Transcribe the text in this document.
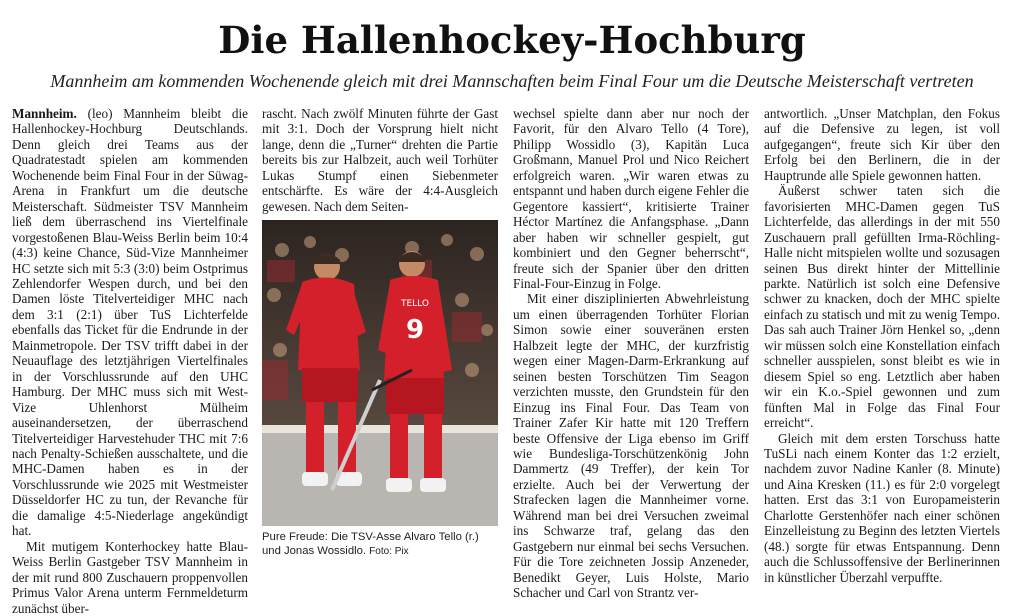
Die Hallenhockey-Hochburg

Mannheim am kommenden Wochenende gleich mit drei Mannschaften beim Final Four um die Deutsche Meisterschaft vertreten

Mannheim. (leo) Mannheim bleibt die Hallenhockey-Hochburg Deutschlands. Denn gleich drei Teams aus der Quadratestadt spielen am kommenden Wochenende beim Final Four in der Süwag-Arena in Frankfurt um die deutsche Meisterschaft. Südmeister TSV Mannheim ließ dem überraschend ins Viertelfinale vorgestoßenen Blau-Weiss Berlin beim 10:4 (4:3) keine Chance, Süd-Vize Mannheimer HC setzte sich mit 5:3 (3:0) beim Ostprimus Zehlendorfer Wespen durch, und bei den Damen löste Titelverteidiger MHC nach dem 3:1 (2:1) über TuS Lichterfelde ebenfalls das Ticket für die Endrunde in der Mainmetropole. Der TSV trifft dabei in der Neuauflage des letztjährigen Viertelfinales in der Vorschlussrunde auf den UHC Hamburg. Der MHC muss sich mit West-Vize Uhlenhorst Mülheim auseinandersetzen, der überraschend Titelverteidiger Harvestehuder THC mit 7:6 nach Penalty-Schießen ausschaltete, und die MHC-Damen haben es in der Vorschlussrunde wie 2025 mit Westmeister Düsseldorfer HC zu tun, der Revanche für die damalige 4:5-Niederlage angekündigt hat.

Mit mutigem Konterhockey hatte Blau-Weiss Berlin Gastgeber TSV Mannheim in der mit rund 800 Zuschauern proppenvollen Primus Valor Arena unterm Fernmeldeturm zunächst über-

rascht. Nach zwölf Minuten führte der Gast mit 3:1. Doch der Vorsprung hielt nicht lange, denn die „Turner“ drehten die Partie bereits bis zur Halbzeit, auch weil Torhüter Lukas Stumpf einen Siebenmeter entschärfte. Es wäre der 4:4-Ausgleich gewesen. Nach dem Seiten-

TELLO
9
Pure Freude: Die TSV-Asse Alvaro Tello (r.) und Jonas Wossidlo. Foto: Pix

wechsel spielte dann aber nur noch der Favorit, für den Alvaro Tello (4 Tore), Philipp Wossidlo (3), Kapitän Luca Großmann, Manuel Prol und Nico Reichert erfolgreich waren. „Wir waren etwas zu entspannt und haben durch eigene Fehler die Gegentore kassiert“, kritisierte Trainer Héctor Martínez die Anfangsphase. „Dann aber haben wir schneller gespielt, gut kombiniert und den Gegner beherrscht“, freute sich der Spanier über den dritten Final-Four-Einzug in Folge.

Mit einer disziplinierten Abwehrleistung um einen überragenden Torhüter Florian Simon sowie einer souveränen ersten Halbzeit legte der MHC, der kurzfristig wegen einer Magen-Darm-Erkrankung auf seinen besten Torschützen Tim Seagon verzichten musste, den Grundstein für den Einzug ins Final Four. Das Team von Trainer Zafer Kir hatte mit 120 Treffern beste Offensive der Liga ebenso im Griff wie Bundesliga-Torschützenkönig John Dammertz (49 Treffer), der kein Tor erzielte. Auch bei der Verwertung der Strafecken lagen die Mannheimer vorne. Während man bei drei Versuchen zweimal ins Schwarze traf, gelang das den Gastgebern nur einmal bei sechs Versuchen. Für die Tore zeichneten Jossip Anzeneder, Benedikt Geyer, Luis Holste, Mario Schacher und Carl von Strantz ver-

antwortlich. „Unser Matchplan, den Fokus auf die Defensive zu legen, ist voll aufgegangen“, freute sich Kir über den Erfolg bei den Berlinern, die in der Hauptrunde alle Spiele gewonnen hatten.

Äußerst schwer taten sich die favorisierten MHC-Damen gegen TuS Lichterfelde, das allerdings in der mit 550 Zuschauern prall gefüllten Irma-Röchling-Halle nicht mitspielen wollte und sozusagen seinen Bus direkt hinter der Mittellinie parkte. Natürlich ist solch eine Defensive schwer zu knacken, doch der MHC spielte einfach zu statisch und mit zu wenig Tempo. Das sah auch Trainer Jörn Henkel so, „denn wir müssen solch eine Konstellation einfach schneller ausspielen, sonst bleibt es wie in diesem Spiel so eng. Letztlich aber haben wir ein K.o.-Spiel gewonnen und zum fünften Mal in Folge das Final Four erreicht“.

Gleich mit dem ersten Torschuss hatte TuSLi nach einem Konter das 1:2 erzielt, nachdem zuvor Nadine Kanler (8. Minute) und Aina Kresken (11.) es für 2:0 vorgelegt hatten. Erst das 3:1 von Europameisterin Charlotte Gerstenhöfer nach einer schönen Einzelleistung zu Beginn des letzten Viertels (48.) sorgte für etwas Entspannung. Denn auch die Schlussoffensive der Berlinerinnen in künstlicher Überzahl verpuffte.
